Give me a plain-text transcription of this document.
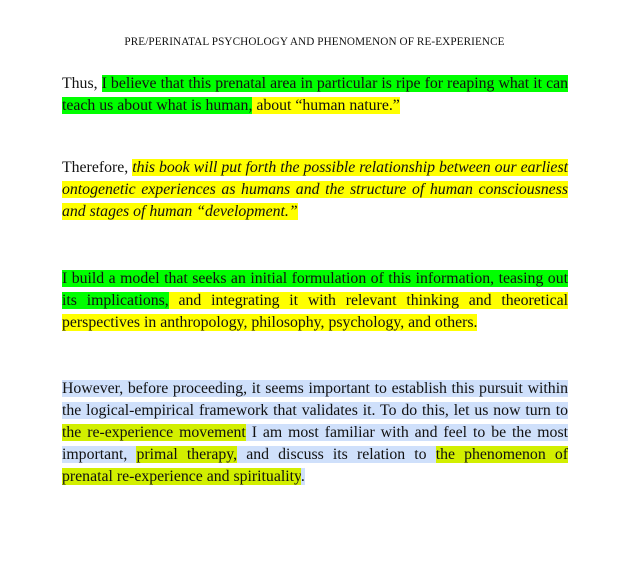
PRE/PERINATAL PSYCHOLOGY AND PHENOMENON OF RE-EXPERIENCE

Thus, I believe that this prenatal area in particular is ripe for reaping what it can teach us about what is human, about “human nature.”

Therefore, this book will put forth the possible relationship between our earliest ontogenetic experiences as humans and the structure of human consciousness and stages of human “development.”

I build a model that seeks an initial formulation of this information, teasing out its implications, and integrating it with relevant thinking and theoretical perspectives in anthropology, philosophy, psychology, and others.

However, before proceeding, it seems important to establish this pursuit within the logical-empirical framework that validates it. To do this, let us now turn to the re-experience movement I am most familiar with and feel to be the most important, primal therapy, and discuss its relation to the phenomenon of prenatal re-experience and spirituality.
